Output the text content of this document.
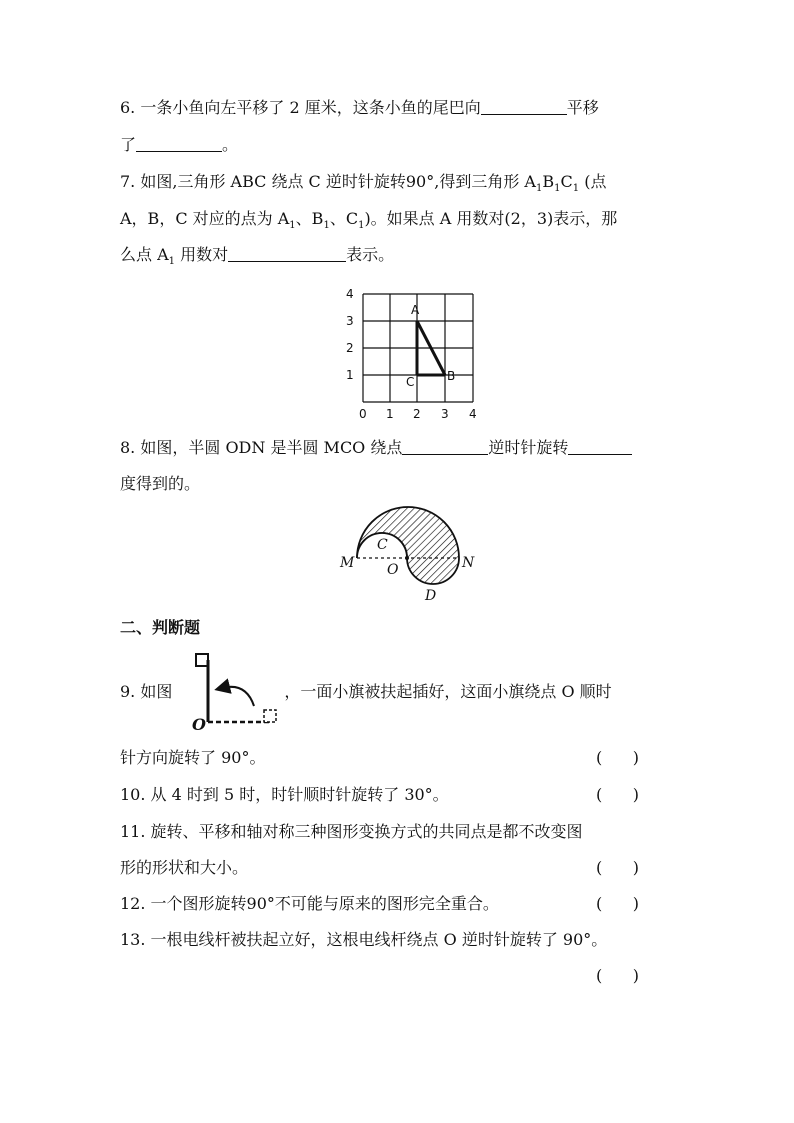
6. 一条小鱼向左平移了 2 厘米，这条小鱼的尾巴向	平移
了	。
7. 如图,三角形 ABC 绕点 C 逆时针旋转90°,得到三角形 $A_1B_1C_1$ (点
A，B，C 对应的点为 $A_1$、$B_1$、$C_1$)。如果点 A 用数对(2，3)表示，那
么点 $A_1$ 用数对	表示。
4
3
2
1
0 1 2 3 4
A
B
C
8. 如图，半圆 ODN 是半圆 MCO 绕点	逆时针旋转
度得到的。
M
C
O	N
D
二、判断题
9. 如图	，一面小旗被扶起插好，这面小旗绕点 O 顺时
O
针方向旋转了 90°。	(      )
10. 从 4 时到 5 时，时针顺时针旋转了 30°。	(      )
11. 旋转、平移和轴对称三种图形变换方式的共同点是都不改变图
形的形状和大小。	(      )
12. 一个图形旋转90°不可能与原来的图形完全重合。	(      )
13. 一根电线杆被扶起立好，这根电线杆绕点 O 逆时针旋转了 90°。
(      )
